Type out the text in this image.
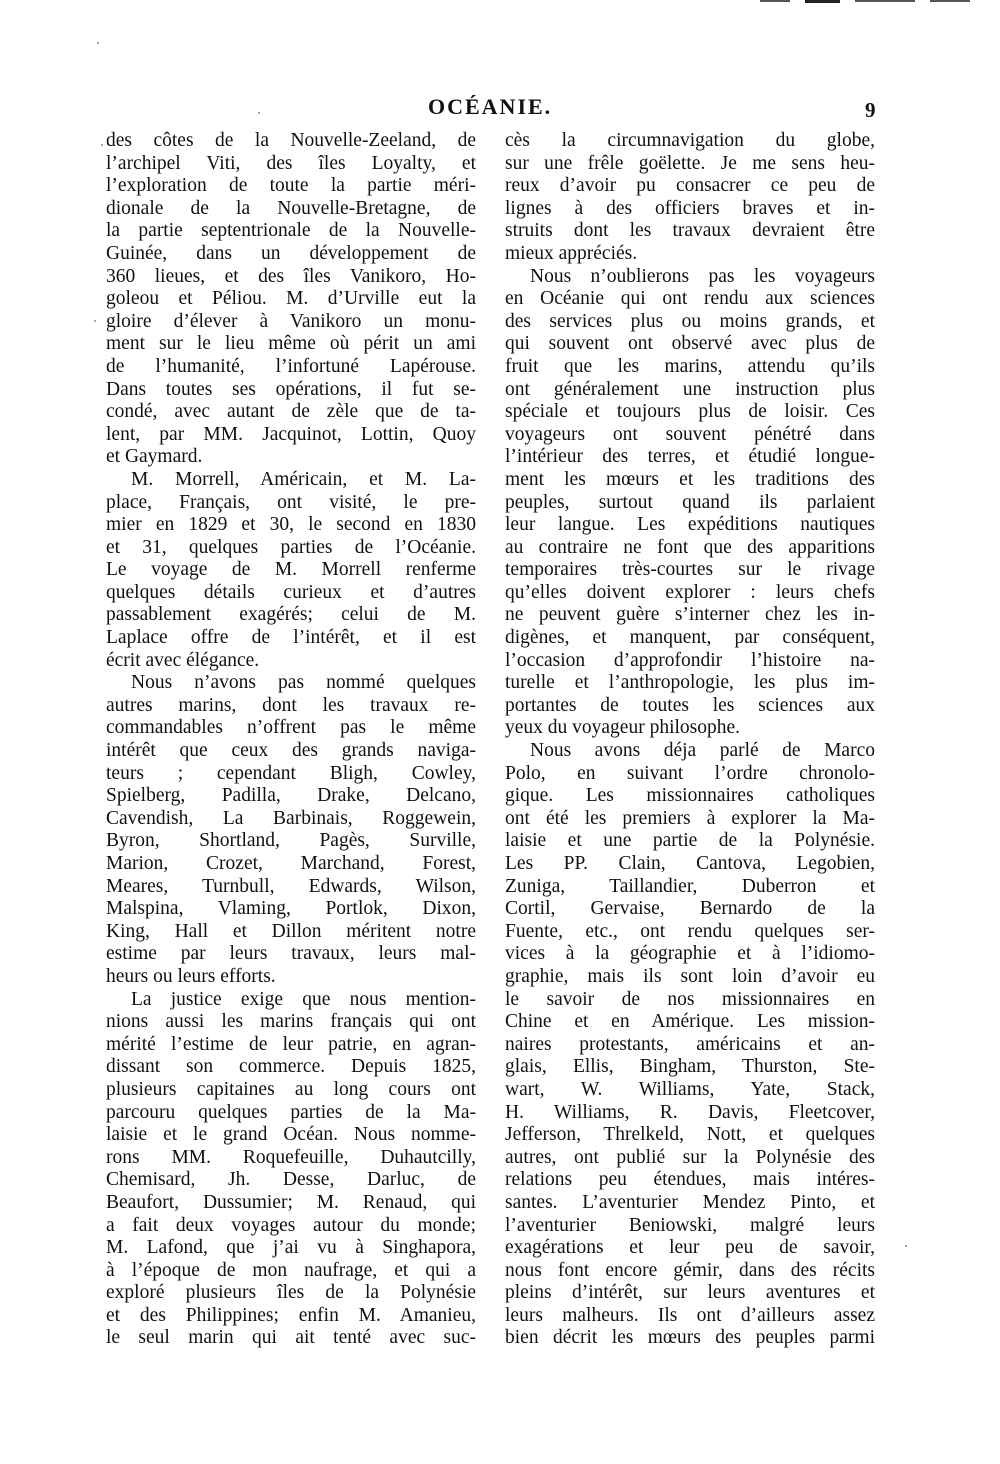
OCÉANIE.	9
des côtes de la Nouvelle-Zeeland, de
l’archipel Viti, des îles Loyalty, et
l’exploration de toute la partie méri-
dionale de la Nouvelle-Bretagne, de
la partie septentrionale de la Nouvelle-
Guinée, dans un développement de
360 lieues, et des îles Vanikoro, Ho-
goleou et Péliou. M. d’Urville eut la
gloire d’élever à Vanikoro un monu-
ment sur le lieu même où périt un ami
de l’humanité, l’infortuné Lapérouse.
Dans toutes ses opérations, il fut se-
condé, avec autant de zèle que de ta-
lent, par MM. Jacquinot, Lottin, Quoy
et Gaymard.
M. Morrell, Américain, et M. La-
place, Français, ont visité, le pre-
mier en 1829 et 30, le second en 1830
et 31, quelques parties de l’Océanie.
Le voyage de M. Morrell renferme
quelques détails curieux et d’autres
passablement exagérés; celui de M.
Laplace offre de l’intérêt, et il est
écrit avec élégance.
Nous n’avons pas nommé quelques
autres marins, dont les travaux re-
commandables n’offrent pas le même
intérêt que ceux des grands naviga-
teurs ; cependant Bligh, Cowley,
Spielberg, Padilla, Drake, Delcano,
Cavendish, La Barbinais, Roggewein,
Byron, Shortland, Pagès, Surville,
Marion, Crozet, Marchand, Forest,
Meares, Turnbull, Edwards, Wilson,
Malspina, Vlaming, Portlok, Dixon,
King, Hall et Dillon méritent notre
estime par leurs travaux, leurs mal-
heurs ou leurs efforts.
La justice exige que nous mention-
nions aussi les marins français qui ont
mérité l’estime de leur patrie, en agran-
dissant son commerce. Depuis 1825,
plusieurs capitaines au long cours ont
parcouru quelques parties de la Ma-
laisie et le grand Océan. Nous nomme-
rons MM. Roquefeuille, Duhautcilly,
Chemisard, Jh. Desse, Darluc, de
Beaufort, Dussumier; M. Renaud, qui
a fait deux voyages autour du monde;
M. Lafond, que j’ai vu à Singhapora,
à l’époque de mon naufrage, et qui a
exploré plusieurs îles de la Polynésie
et des Philippines; enfin M. Amanieu,
le seul marin qui ait tenté avec suc-
cès la circumnavigation du globe,
sur une frêle goëlette. Je me sens heu-
reux d’avoir pu consacrer ce peu de
lignes à des officiers braves et in-
struits dont les travaux devraient être
mieux appréciés.
Nous n’oublierons pas les voyageurs
en Océanie qui ont rendu aux sciences
des services plus ou moins grands, et
qui souvent ont observé avec plus de
fruit que les marins, attendu qu’ils
ont généralement une instruction plus
spéciale et toujours plus de loisir. Ces
voyageurs ont souvent pénétré dans
l’intérieur des terres, et étudié longue-
ment les mœurs et les traditions des
peuples, surtout quand ils parlaient
leur langue. Les expéditions nautiques
au contraire ne font que des apparitions
temporaires très-courtes sur le rivage
qu’elles doivent explorer : leurs chefs
ne peuvent guère s’interner chez les in-
digènes, et manquent, par conséquent,
l’occasion d’approfondir l’histoire na-
turelle et l’anthropologie, les plus im-
portantes de toutes les sciences aux
yeux du voyageur philosophe.
Nous avons déja parlé de Marco
Polo, en suivant l’ordre chronolo-
gique. Les missionnaires catholiques
ont été les premiers à explorer la Ma-
laisie et une partie de la Polynésie.
Les PP. Clain, Cantova, Legobien,
Zuniga, Taillandier, Duberron et
Cortil, Gervaise, Bernardo de la
Fuente, etc., ont rendu quelques ser-
vices à la géographie et à l’idiomo-
graphie, mais ils sont loin d’avoir eu
le savoir de nos missionnaires en
Chine et en Amérique. Les mission-
naires protestants, américains et an-
glais, Ellis, Bingham, Thurston, Ste-
wart, W. Williams, Yate, Stack,
H. Williams, R. Davis, Fleetcover,
Jefferson, Threlkeld, Nott, et quelques
autres, ont publié sur la Polynésie des
relations peu étendues, mais intéres-
santes. L’aventurier Mendez Pinto, et
l’aventurier Beniowski, malgré leurs
exagérations et leur peu de savoir,
nous font encore gémir, dans des récits
pleins d’intérêt, sur leurs aventures et
leurs malheurs. Ils ont d’ailleurs assez
bien décrit les mœurs des peuples parmi
